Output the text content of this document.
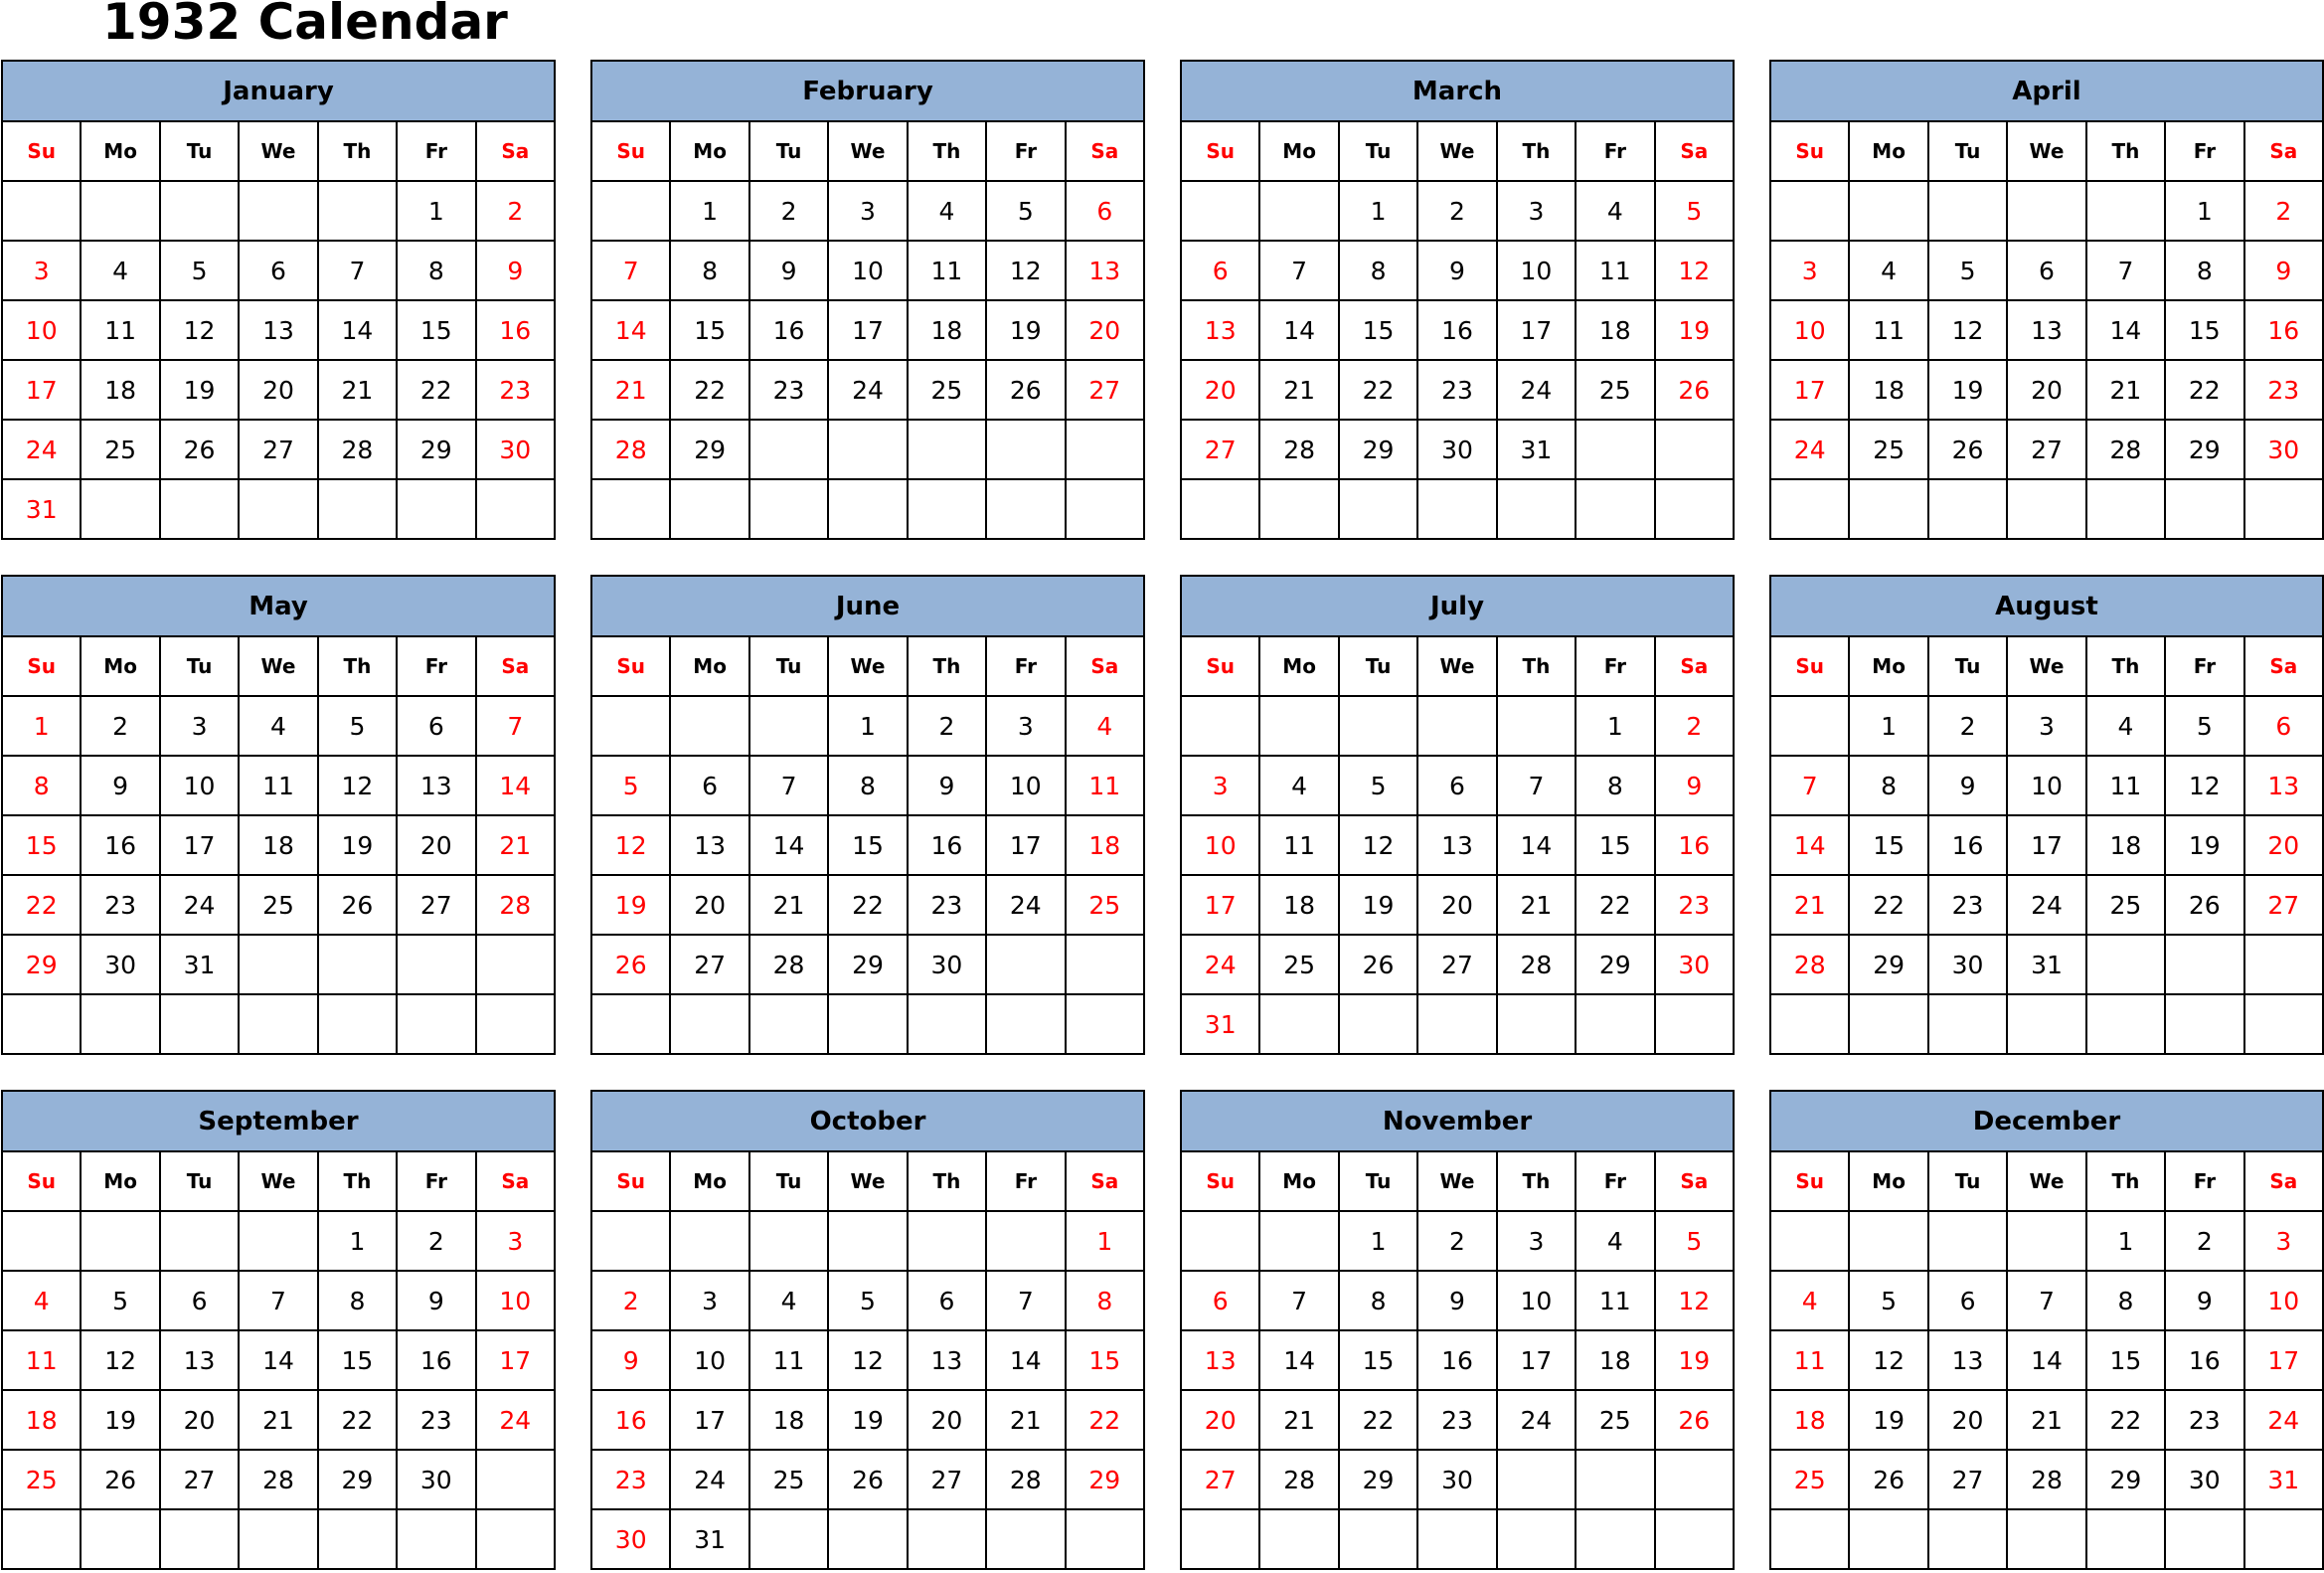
1932 Calendar
January						
Su	Mo	Tu	We	Th	Fr	Sa
					1	2
3	4	5	6	7	8	9
10	11	12	13	14	15	16
17	18	19	20	21	22	23
24	25	26	27	28	29	30
31						
February						
Su	Mo	Tu	We	Th	Fr	Sa
	1	2	3	4	5	6
7	8	9	10	11	12	13
14	15	16	17	18	19	20
21	22	23	24	25	26	27
28	29					

March						
Su	Mo	Tu	We	Th	Fr	Sa
		1	2	3	4	5
6	7	8	9	10	11	12
13	14	15	16	17	18	19
20	21	22	23	24	25	26
27	28	29	30	31		

April						
Su	Mo	Tu	We	Th	Fr	Sa
					1	2
3	4	5	6	7	8	9
10	11	12	13	14	15	16
17	18	19	20	21	22	23
24	25	26	27	28	29	30

May						
Su	Mo	Tu	We	Th	Fr	Sa
1	2	3	4	5	6	7
8	9	10	11	12	13	14
15	16	17	18	19	20	21
22	23	24	25	26	27	28
29	30	31				

June						
Su	Mo	Tu	We	Th	Fr	Sa
			1	2	3	4
5	6	7	8	9	10	11
12	13	14	15	16	17	18
19	20	21	22	23	24	25
26	27	28	29	30		

July						
Su	Mo	Tu	We	Th	Fr	Sa
					1	2
3	4	5	6	7	8	9
10	11	12	13	14	15	16
17	18	19	20	21	22	23
24	25	26	27	28	29	30
31						
August						
Su	Mo	Tu	We	Th	Fr	Sa
	1	2	3	4	5	6
7	8	9	10	11	12	13
14	15	16	17	18	19	20
21	22	23	24	25	26	27
28	29	30	31			

September						
Su	Mo	Tu	We	Th	Fr	Sa
				1	2	3
4	5	6	7	8	9	10
11	12	13	14	15	16	17
18	19	20	21	22	23	24
25	26	27	28	29	30	

October						
Su	Mo	Tu	We	Th	Fr	Sa
						1
2	3	4	5	6	7	8
9	10	11	12	13	14	15
16	17	18	19	20	21	22
23	24	25	26	27	28	29
30	31					
November						
Su	Mo	Tu	We	Th	Fr	Sa
		1	2	3	4	5
6	7	8	9	10	11	12
13	14	15	16	17	18	19
20	21	22	23	24	25	26
27	28	29	30			

December						
Su	Mo	Tu	We	Th	Fr	Sa
				1	2	3
4	5	6	7	8	9	10
11	12	13	14	15	16	17
18	19	20	21	22	23	24
25	26	27	28	29	30	31
